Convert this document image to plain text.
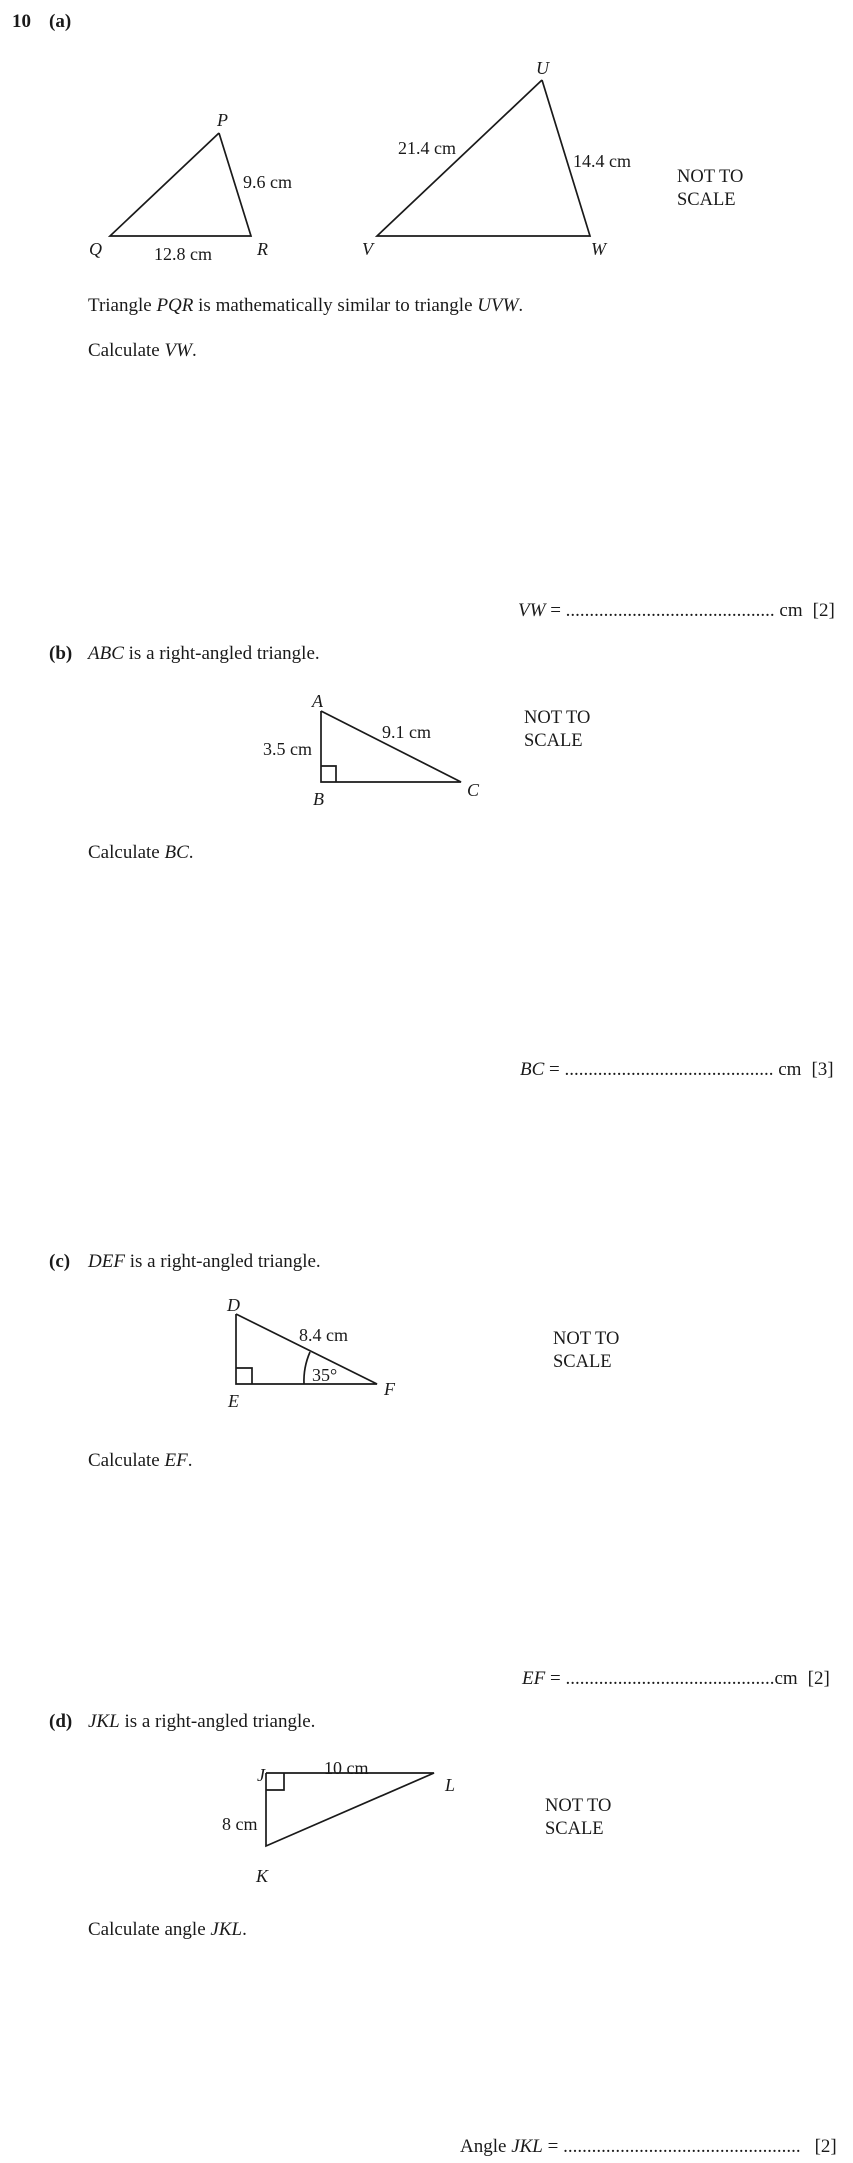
10 (a)
P
Q	R
9.6 cm
12.8 cm
U
V	W
21.4 cm
14.4 cm
NOT TO
SCALE
Triangle PQR is mathematically similar to triangle UVW.
Calculate VW.
VW = ............................................ cm [2]
(b) ABC is a right-angled triangle.
A
B	C
3.5 cm
9.1 cm
NOT TO
SCALE
Calculate BC.
BC = ............................................ cm [3]
(c) DEF is a right-angled triangle.
D
E
F
8.4 cm
35°
NOT TO
SCALE
Calculate EF.
EF = ............................................ cm [2]
(d) JKL is a right-angled triangle.
J
K
L
10 cm
8 cm
NOT TO
SCALE
Calculate angle JKL.
Angle JKL = .................................................. [2]
